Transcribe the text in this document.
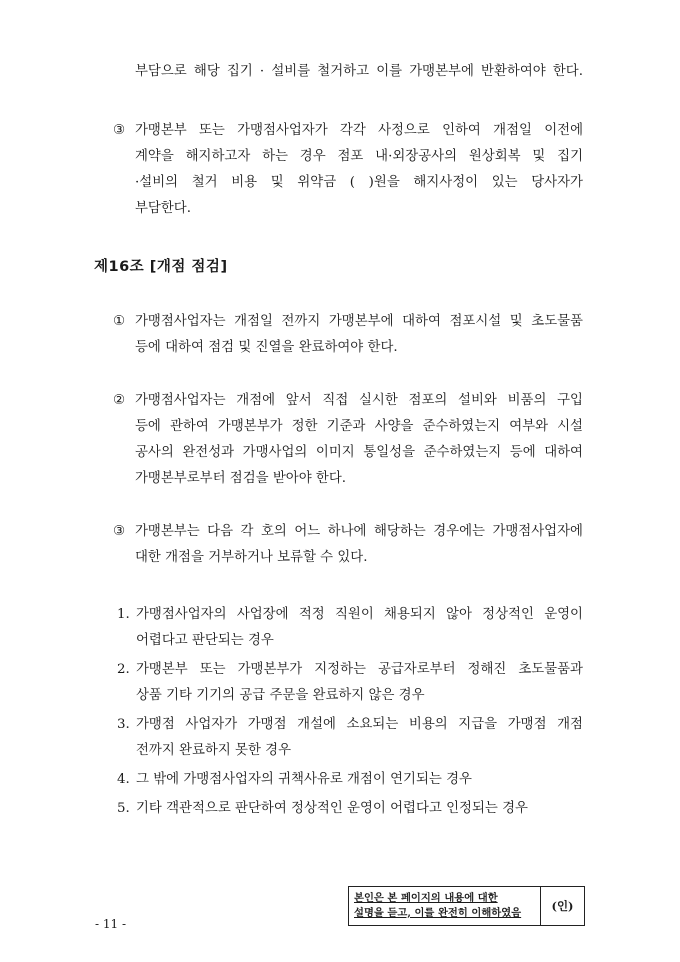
부담으로 해당 집기 · 설비를 철거하고 이를 가맹본부에 반환하여야 한다.
③ 가맹본부 또는 가맹점사업자가 각각 사정으로 인하여 개점일 이전에
계약을 해지하고자 하는 경우 점포 내·외장공사의 원상회복 및 집기
·설비의 철거 비용 및 위약금 ( )원을 해지사정이 있는 당사자가
부담한다.
제16조 [개점 점검]
① 가맹점사업자는 개점일 전까지 가맹본부에 대하여 점포시설 및 초도물품
등에 대하여 점검 및 진열을 완료하여야 한다.
② 가맹점사업자는 개점에 앞서 직접 실시한 점포의 설비와 비품의 구입
등에 관하여 가맹본부가 정한 기준과 사양을 준수하였는지 여부와 시설
공사의 완전성과 가맹사업의 이미지 통일성을 준수하였는지 등에 대하여
가맹본부로부터 점검을 받아야 한다.
③ 가맹본부는 다음 각 호의 어느 하나에 해당하는 경우에는 가맹점사업자에
대한 개점을 거부하거나 보류할 수 있다.
1. 가맹점사업자의 사업장에 적정 직원이 채용되지 않아 정상적인 운영이
어렵다고 판단되는 경우
2. 가맹본부 또는 가맹본부가 지정하는 공급자로부터 정해진 초도물품과
상품 기타 기기의 공급 주문을 완료하지 않은 경우
3. 가맹점 사업자가 가맹점 개설에 소요되는 비용의 지급을 가맹점 개점
전까지 완료하지 못한 경우
4. 그 밖에 가맹점사업자의 귀책사유로 개점이 연기되는 경우
5. 기타 객관적으로 판단하여 정상적인 운영이 어렵다고 인정되는 경우
- 11 -
본인은 본 페이지의 내용에 대한
설명을 듣고, 이를 완전히 이해하였음	(인)
